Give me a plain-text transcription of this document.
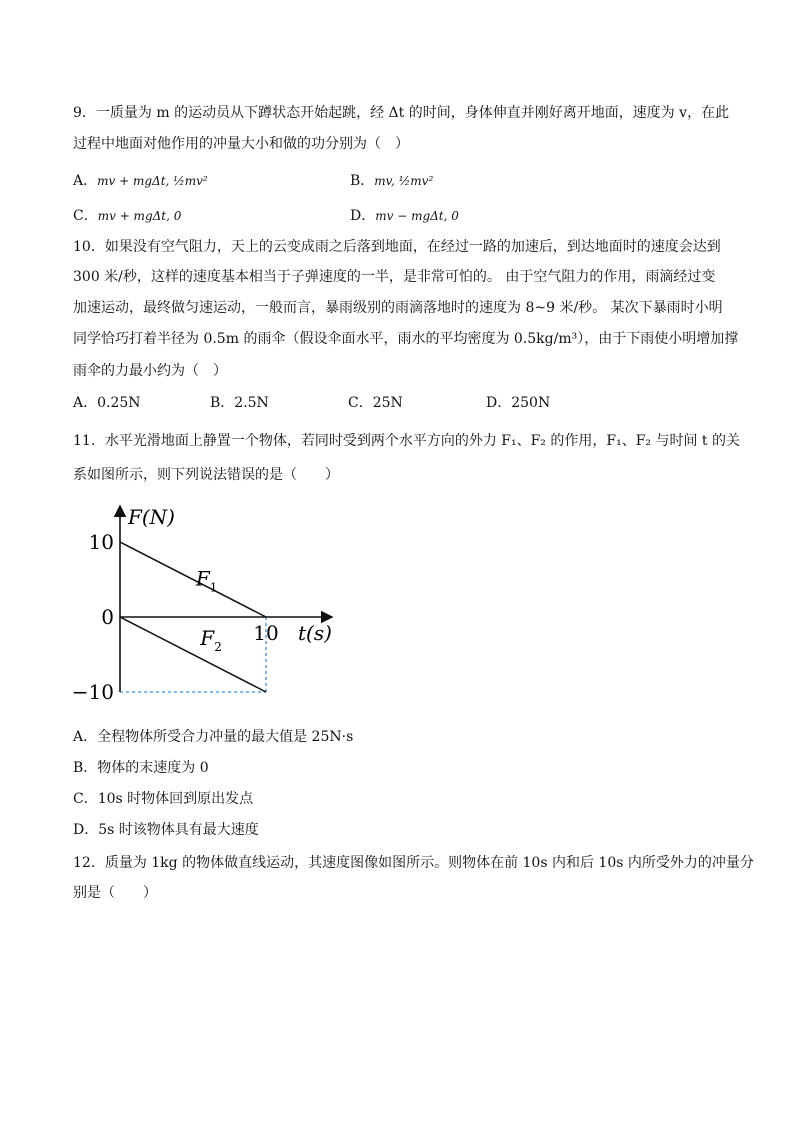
9．一质量为 m 的运动员从下蹲状态开始起跳，经 Δt 的时间，身体伸直并刚好离开地面，速度为 v，在此
过程中地面对他作用的冲量大小和做的功分别为（　）
A．mv + mgΔt, ½mv²	B．mv, ½mv²
C．mv + mgΔt, 0	D．mv − mgΔt, 0
10．如果没有空气阻力，天上的云变成雨之后落到地面，在经过一路的加速后，到达地面时的速度会达到
300 米/秒，这样的速度基本相当于子弹速度的一半，是非常可怕的。 由于空气阻力的作用，雨滴经过变
加速运动，最终做匀速运动，一般而言，暴雨级别的雨滴落地时的速度为 8~9 米/秒。 某次下暴雨时小明
同学恰巧打着半径为 0.5m 的雨伞（假设伞面水平，雨水的平均密度为 0.5kg/m³），由于下雨使小明增加撑
雨伞的力最小约为（　）
A．0.25N	B．2.5N	C．25N	D．250N
11．水平光滑地面上静置一个物体，若同时受到两个水平方向的外力 F₁、F₂ 的作用，F₁、F₂ 与时间 t 的关
系如图所示，则下列说法错误的是（　　）
10
0
−10
10
F(N)
t(s)
$F_1$
$F_2$
A．全程物体所受合力冲量的最大值是 25N·s
B．物体的末速度为 0
C．10s 时物体回到原出发点
D．5s 时该物体具有最大速度
12．质量为 1kg 的物体做直线运动，其速度图像如图所示。则物体在前 10s 内和后 10s 内所受外力的冲量分
别是（　　）
